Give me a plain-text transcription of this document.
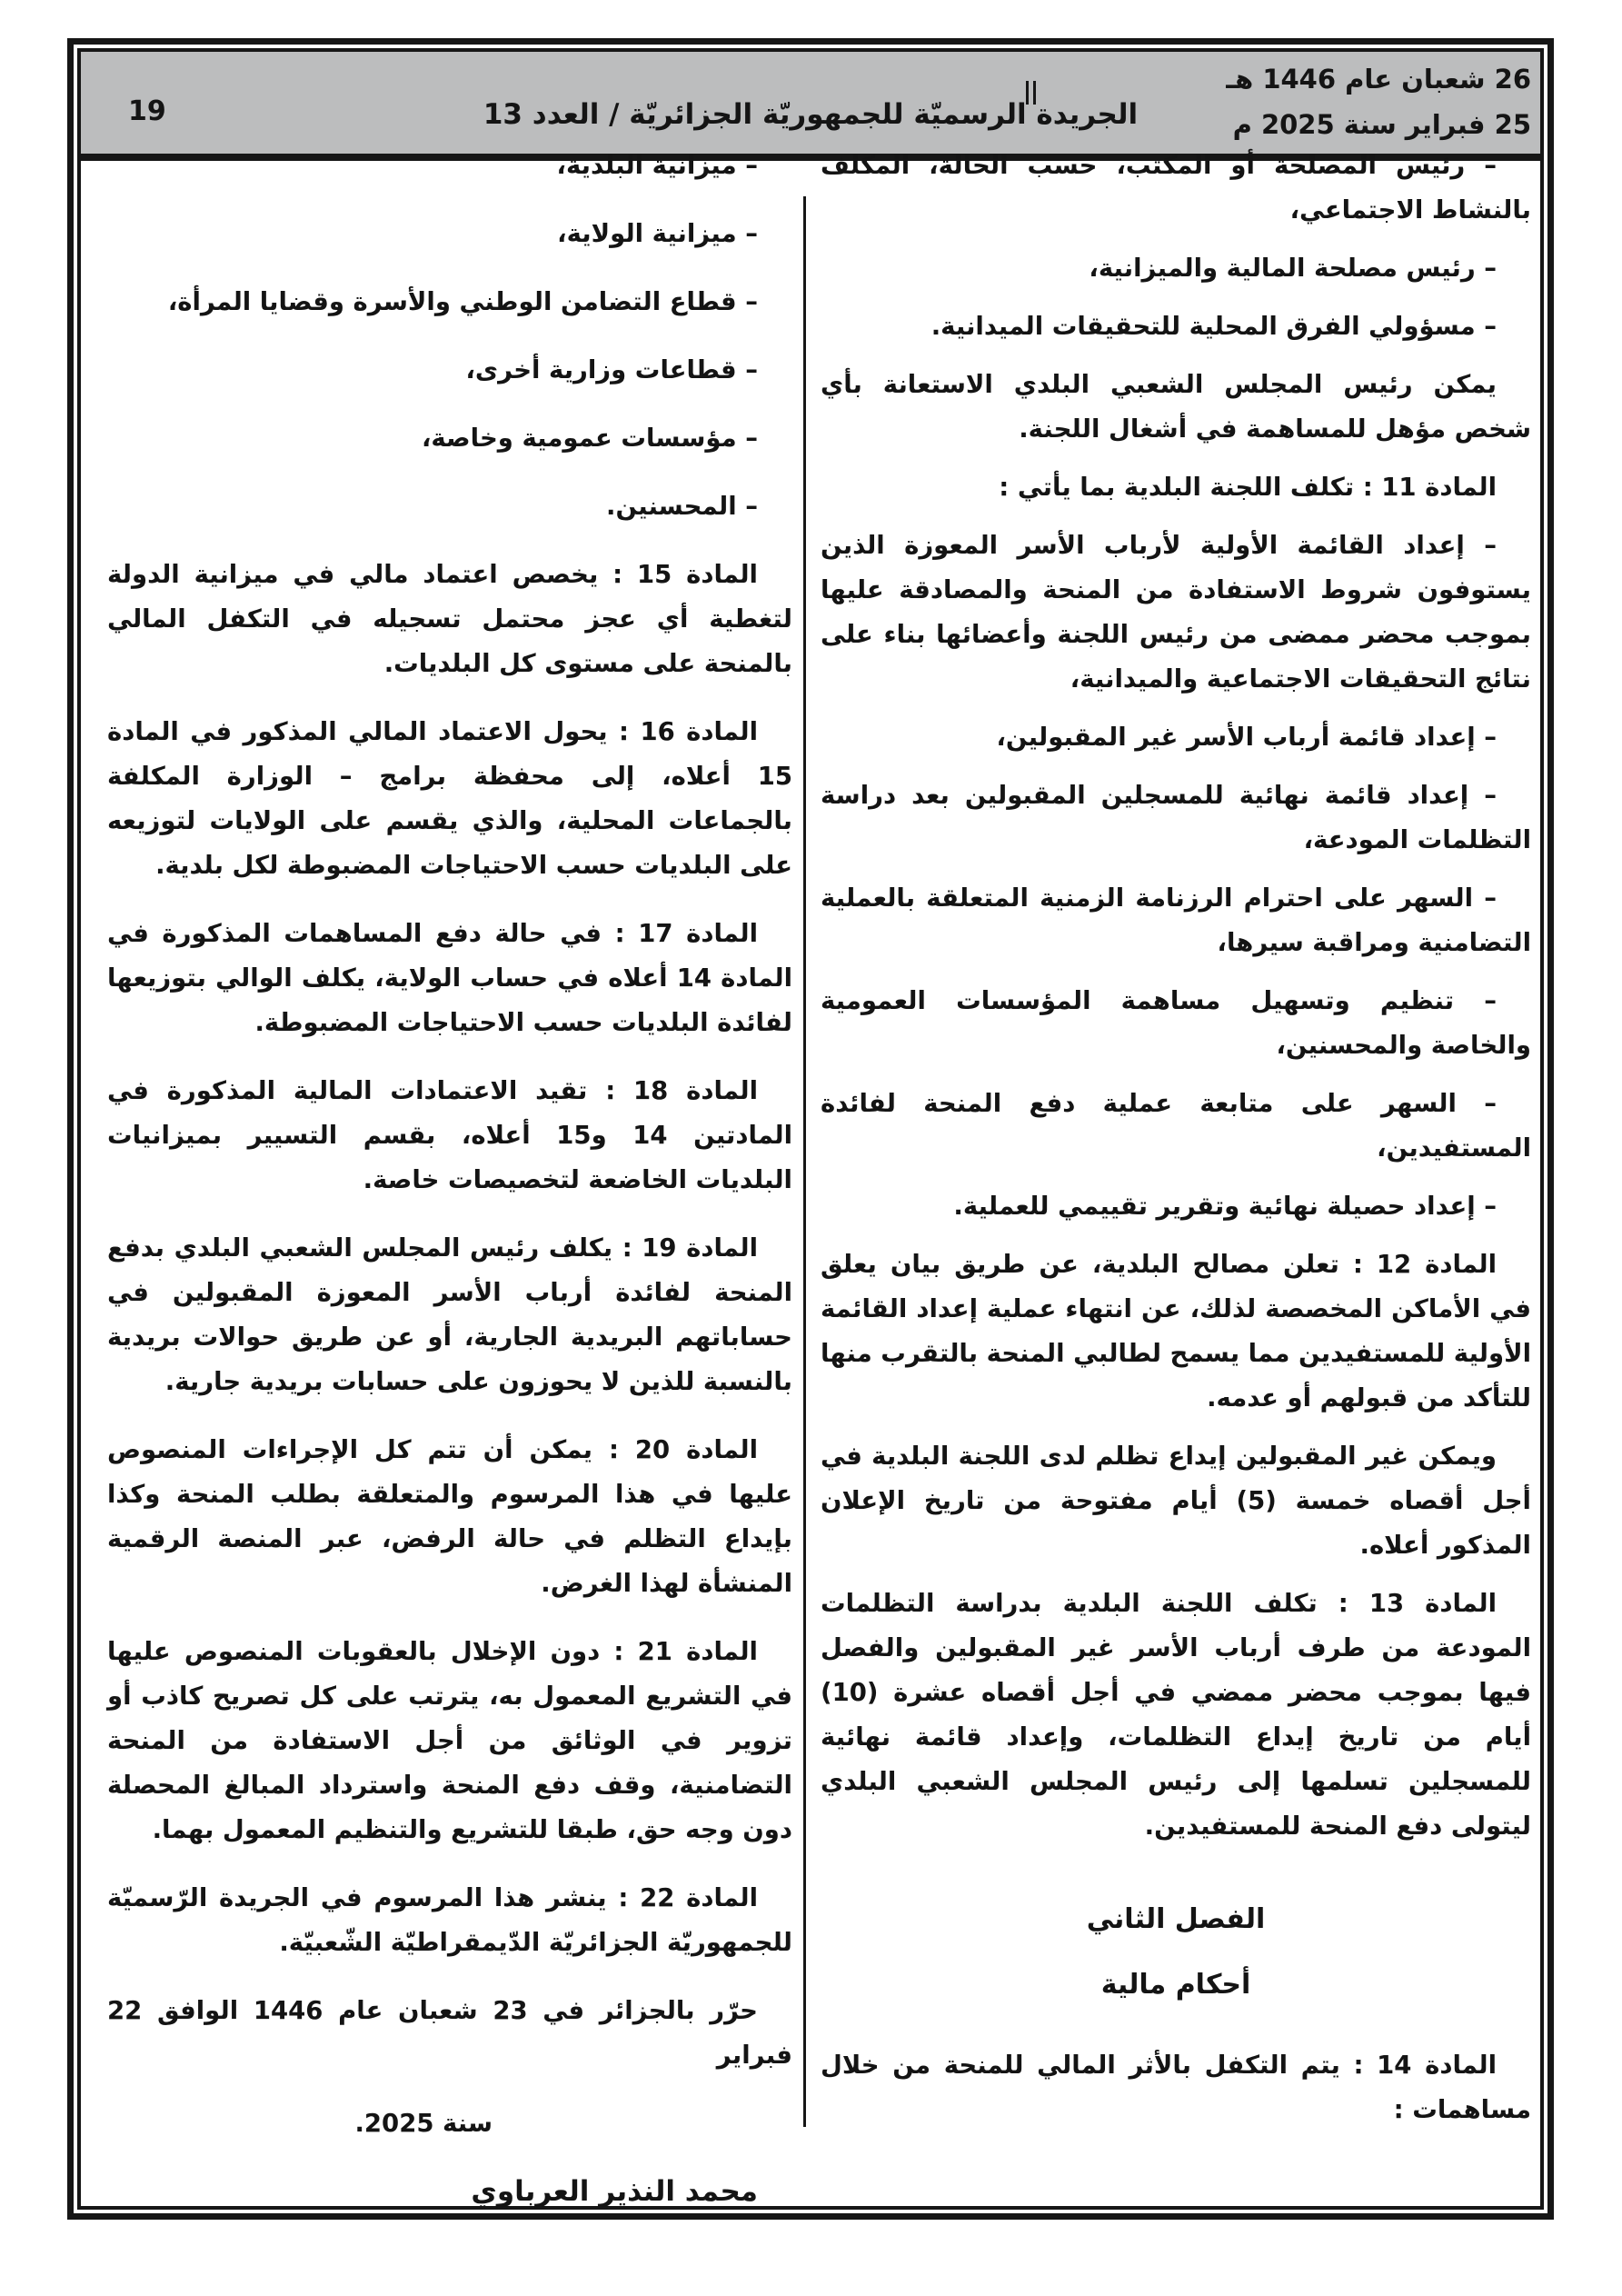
الجريدة الرسميّة للجمهوريّة الجزائريّة / العدد 13
26 شعبان عام 1446 هـ
25 فبراير سنة 2025 م
19

– رئيس المصلحة أو المكتب، حسب الحالة، المكلف بالنشاط الاجتماعي،

– رئيس مصلحة المالية والميزانية،

– مسؤولي الفرق المحلية للتحقيقات الميدانية.

يمكن رئيس المجلس الشعبي البلدي الاستعانة بأي شخص مؤهل للمساهمة في أشغال اللجنة.

المادة 11 : تكلف اللجنة البلدية بما يأتي :

– إعداد القائمة الأولية لأرباب الأسر المعوزة الذين يستوفون شروط الاستفادة من المنحة والمصادقة عليها بموجب محضر ممضى من رئيس اللجنة وأعضائها بناء على نتائج التحقيقات الاجتماعية والميدانية،

– إعداد قائمة أرباب الأسر غير المقبولين،

– إعداد قائمة نهائية للمسجلين المقبولين بعد دراسة التظلمات المودعة،

– السهر على احترام الرزنامة الزمنية المتعلقة بالعملية التضامنية ومراقبة سيرها،

– تنظيم وتسهيل مساهمة المؤسسات العمومية والخاصة والمحسنين،

– السهر على متابعة عملية دفع المنحة لفائدة المستفيدين،

– إعداد حصيلة نهائية وتقرير تقييمي للعملية.

المادة 12 : تعلن مصالح البلدية، عن طريق بيان يعلق في الأماكن المخصصة لذلك، عن انتهاء عملية إعداد القائمة الأولية للمستفيدين مما يسمح لطالبي المنحة بالتقرب منها للتأكد من قبولهم أو عدمه.

ويمكن غير المقبولين إيداع تظلم لدى اللجنة البلدية في أجل أقصاه خمسة (5) أيام مفتوحة من تاريخ الإعلان المذكور أعلاه.

المادة 13 : تكلف اللجنة البلدية بدراسة التظلمات المودعة من طرف أرباب الأسر غير المقبولين والفصل فيها بموجب محضر ممضي في أجل أقصاه عشرة (10) أيام من تاريخ إيداع التظلمات، وإعداد قائمة نهائية للمسجلين تسلمها إلى رئيس المجلس الشعبي البلدي ليتولى دفع المنحة للمستفيدين.

الفصل الثاني
أحكام مالية

المادة 14 : يتم التكفل بالأثر المالي للمنحة من خلال مساهمات :

– ميزانية البلدية،

– ميزانية الولاية،

– قطاع التضامن الوطني والأسرة وقضايا المرأة،

– قطاعات وزارية أخرى،

– مؤسسات عمومية وخاصة،

– المحسنين.

المادة 15 : يخصص اعتماد مالي في ميزانية الدولة لتغطية أي عجز محتمل تسجيله في التكفل المالي بالمنحة على مستوى كل البلديات.

المادة 16 : يحول الاعتماد المالي المذكور في المادة 15 أعلاه، إلى محفظة برامج – الوزارة المكلفة بالجماعات المحلية، والذي يقسم على الولايات لتوزيعه على البلديات حسب الاحتياجات المضبوطة لكل بلدية.

المادة 17 : في حالة دفع المساهمات المذكورة في المادة 14 أعلاه في حساب الولاية، يكلف الوالي بتوزيعها لفائدة البلديات حسب الاحتياجات المضبوطة.

المادة 18 : تقيد الاعتمادات المالية المذكورة في المادتين 14 و15 أعلاه، بقسم التسيير بميزانيات البلديات الخاضعة لتخصيصات خاصة.

المادة 19 : يكلف رئيس المجلس الشعبي البلدي بدفع المنحة لفائدة أرباب الأسر المعوزة المقبولين في حساباتهم البريدية الجارية، أو عن طريق حوالات بريدية بالنسبة للذين لا يحوزون على حسابات بريدية جارية.

المادة 20 : يمكن أن تتم كل الإجراءات المنصوص عليها في هذا المرسوم والمتعلقة بطلب المنحة وكذا بإيداع التظلم في حالة الرفض، عبر المنصة الرقمية المنشأة لهذا الغرض.

المادة 21 : دون الإخلال بالعقوبات المنصوص عليها في التشريع المعمول به، يترتب على كل تصريح كاذب أو تزوير في الوثائق من أجل الاستفادة من المنحة التضامنية، وقف دفع المنحة واسترداد المبالغ المحصلة دون وجه حق، طبقا للتشريع والتنظيم المعمول بهما.

المادة 22 : ينشر هذا المرسوم في الجريدة الرّسميّة للجمهوريّة الجزائريّة الدّيمقراطيّة الشّعبيّة.

حرّر بالجزائر في 23 شعبان عام 1446 الوافق 22 فبراير

سنة 2025.

محمد النذير العرباوي
